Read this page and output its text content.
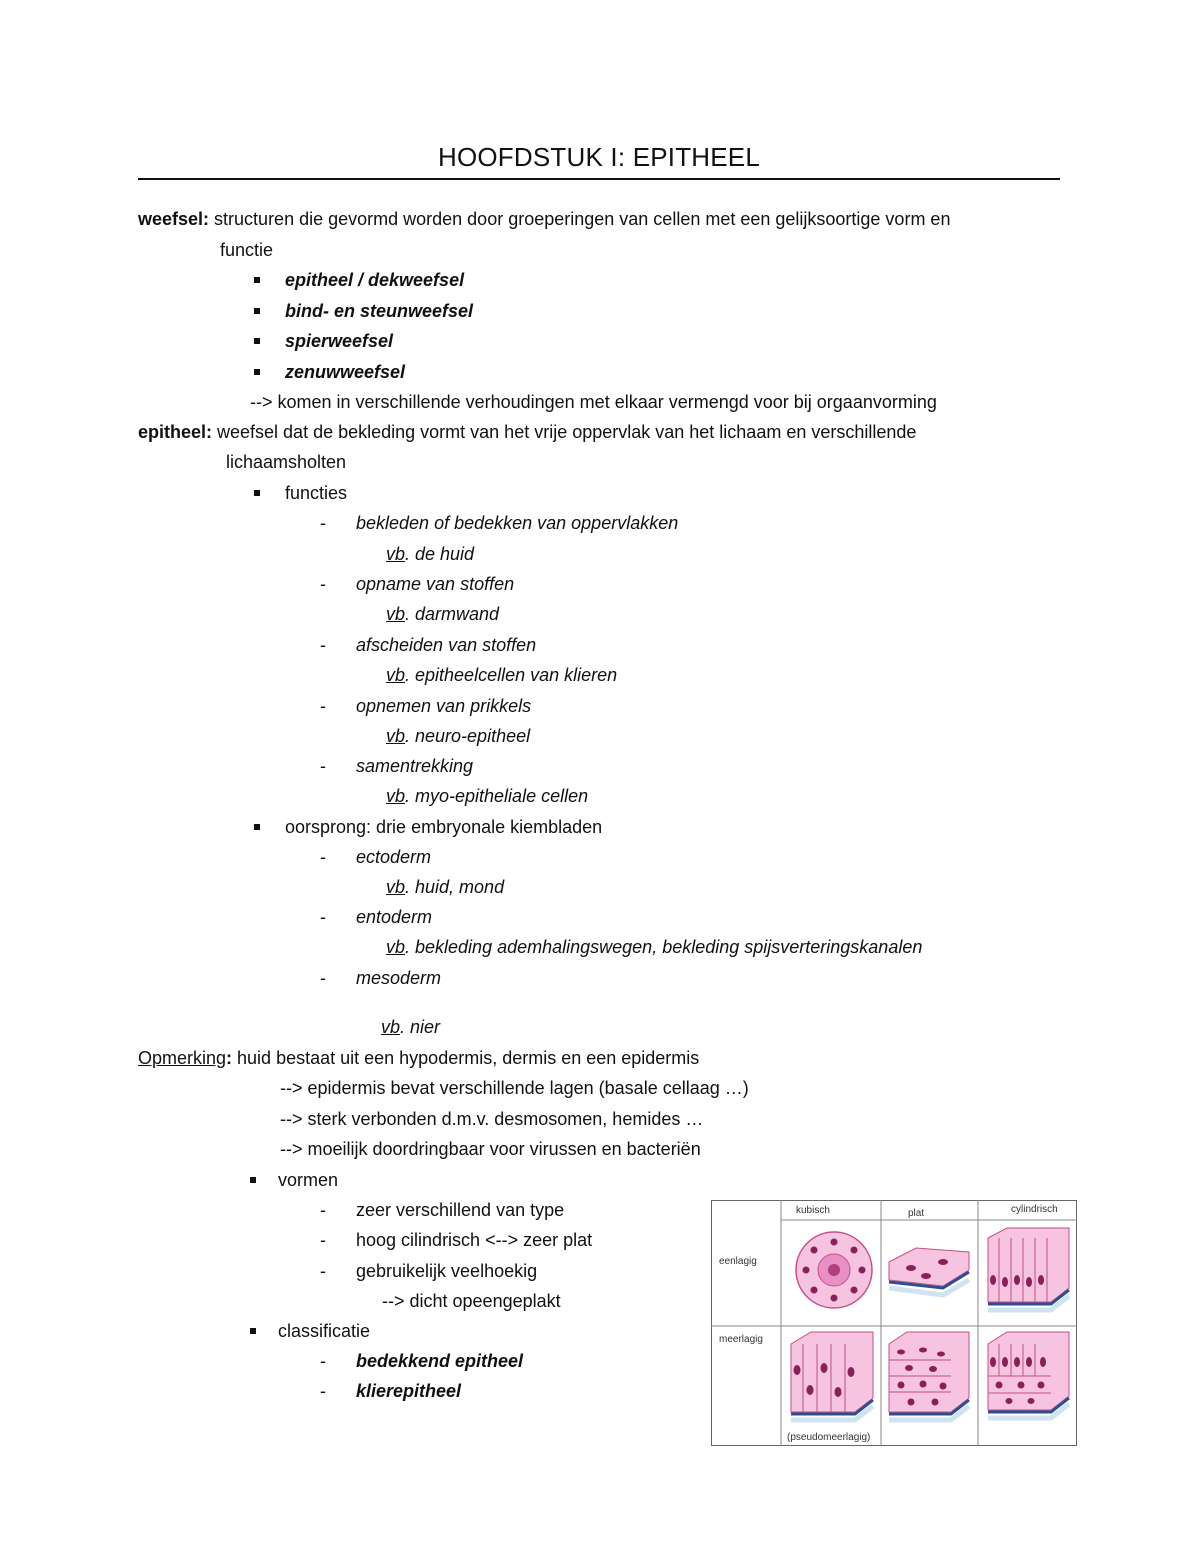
HOOFDSTUK I: EPITHEEL
weefsel: structuren die gevormd worden door groeperingen van cellen met een gelijksoortige vorm en
functie
epitheel / dekweefsel
bind- en steunweefsel
spierweefsel
zenuwweefsel
--> komen in verschillende verhoudingen met elkaar vermengd voor bij orgaanvorming
epitheel: weefsel dat de bekleding vormt van het vrije oppervlak van het lichaam en verschillende
lichaamsholten
functies
- bekleden of bedekken van oppervlakken
vb. de huid
- opname van stoffen
vb. darmwand
- afscheiden van stoffen
vb. epitheelcellen van klieren
- opnemen van prikkels
vb. neuro-epitheel
- samentrekking
vb. myo-epitheliale cellen
oorsprong: drie embryonale kiembladen
- ectoderm
vb. huid, mond
- entoderm
vb. bekleding ademhalingswegen, bekleding spijsverteringskanalen
- mesoderm
vb. nier
Opmerking: huid bestaat uit een hypodermis, dermis en een epidermis
--> epidermis bevat verschillende lagen (basale cellaag …)
--> sterk verbonden d.m.v. desmosomen, hemides …
--> moeilijk doordringbaar voor virussen en bacteriën
vormen
- zeer verschillend van type
- hoog cilindrisch <--> zeer plat
- gebruikelijk veelhoekig
--> dicht opeengeplakt
classificatie
- bedekkend epitheel
- klierepitheel
kubisch	plat	cylindrisch
eenlagig
meerlagig
(pseudomeerlagig)
